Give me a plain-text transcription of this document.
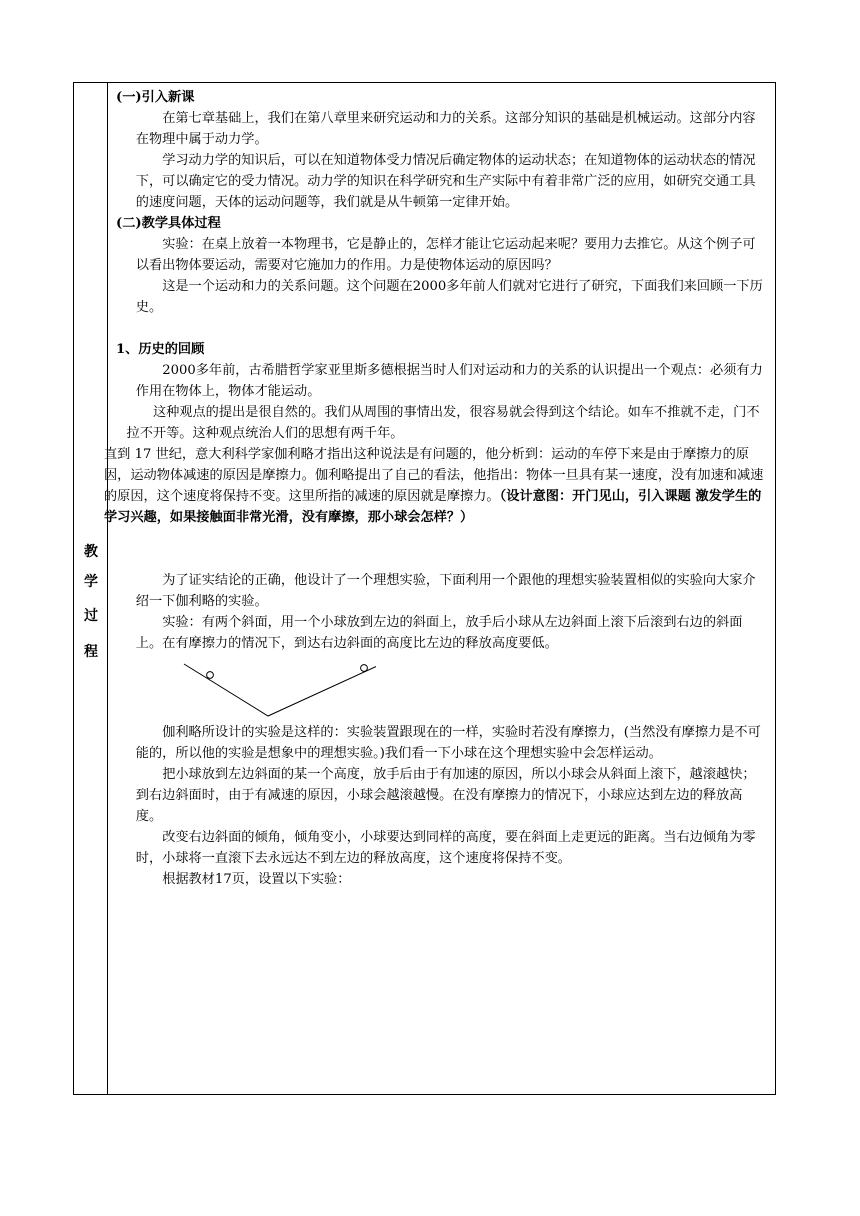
教
学
过
程

(一)引入新课

在第七章基础上，我们在第八章里来研究运动和力的关系。这部分知识的基础是机械运动。这部分内容在物理中属于动力学。

学习动力学的知识后，可以在知道物体受力情况后确定物体的运动状态；在知道物体的运动状态的情况下，可以确定它的受力情况。动力学的知识在科学研究和生产实际中有着非常广泛的应用，如研究交通工具的速度问题，天体的运动问题等，我们就是从牛顿第一定律开始。

(二)教学具体过程

实验：在桌上放着一本物理书，它是静止的，怎样才能让它运动起来呢？要用力去推它。从这个例子可以看出物体要运动，需要对它施加力的作用。力是使物体运动的原因吗？

这是一个运动和力的关系问题。这个问题在2000多年前人们就对它进行了研究，下面我们来回顾一下历史。

1、历史的回顾

2000多年前，古希腊哲学家亚里斯多德根据当时人们对运动和力的关系的认识提出一个观点：必须有力作用在物体上，物体才能运动。

这种观点的提出是很自然的。我们从周围的事情出发，很容易就会得到这个结论。如车不推就不走，门不拉不开等。这种观点统治人们的思想有两千年。

直到 17 世纪，意大利科学家伽利略才指出这种说法是有问题的，他分析到：运动的车停下来是由于摩擦力的原因，运动物体减速的原因是摩擦力。伽利略提出了自己的看法，他指出：物体一旦具有某一速度，没有加速和减速的原因，这个速度将保持不变。这里所指的减速的原因就是摩擦力。（设计意图：开门见山，引入课题 激发学生的学习兴趣，如果接触面非常光滑，没有摩擦，那小球会怎样？）

为了证实结论的正确，他设计了一个理想实验，下面利用一个跟他的理想实验装置相似的实验向大家介绍一下伽利略的实验。

实验：有两个斜面，用一个小球放到左边的斜面上，放手后小球从左边斜面上滚下后滚到右边的斜面上。在有摩擦力的情况下，到达右边斜面的高度比左边的释放高度要低。

伽利略所设计的实验是这样的：实验装置跟现在的一样，实验时若没有摩擦力，(当然没有摩擦力是不可能的，所以他的实验是想象中的理想实验。)我们看一下小球在这个理想实验中会怎样运动。

把小球放到左边斜面的某一个高度，放手后由于有加速的原因，所以小球会从斜面上滚下，越滚越快；到右边斜面时，由于有减速的原因，小球会越滚越慢。在没有摩擦力的情况下，小球应达到左边的释放高度。

改变右边斜面的倾角，倾角变小，小球要达到同样的高度，要在斜面上走更远的距离。当右边倾角为零时，小球将一直滚下去永远达不到左边的释放高度，这个速度将保持不变。

根据教材17页，设置以下实验：
